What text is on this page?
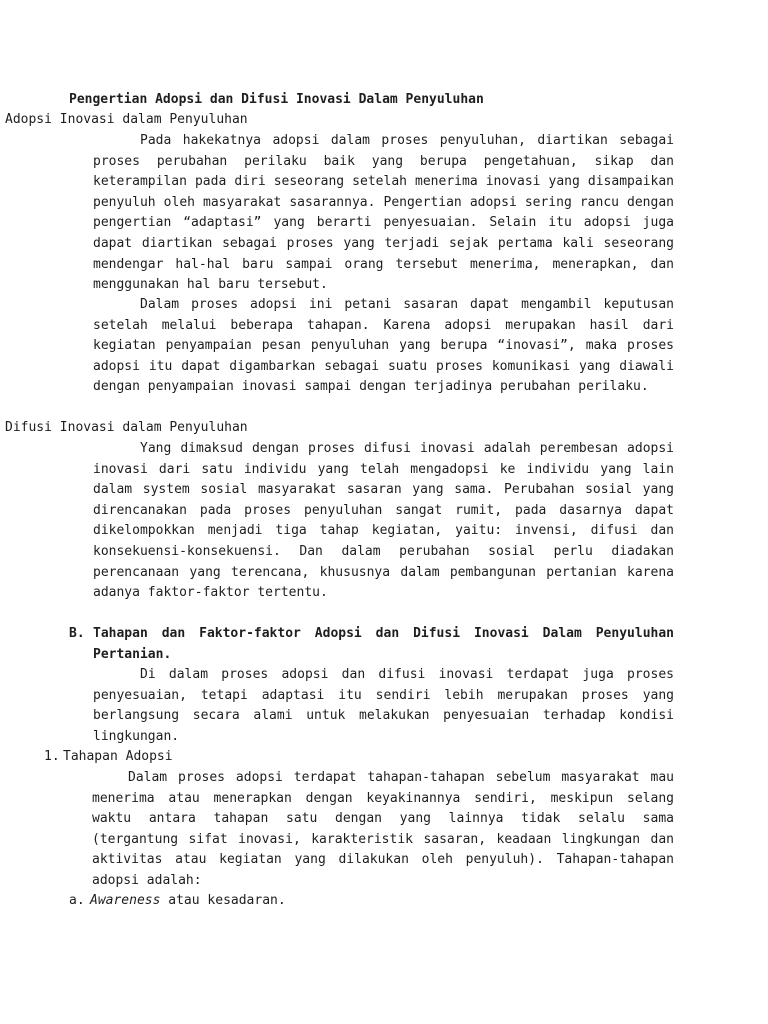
Pengertian Adopsi dan Difusi Inovasi Dalam Penyuluhan
Adopsi Inovasi dalam Penyuluhan
Pada hakekatnya adopsi dalam proses penyuluhan, diartikan sebagai proses perubahan perilaku baik yang berupa pengetahuan, sikap dan keterampilan pada diri seseorang setelah menerima inovasi yang disampaikan penyuluh oleh masyarakat sasarannya. Pengertian adopsi sering rancu dengan pengertian “adaptasi” yang berarti penyesuaian. Selain itu adopsi juga dapat diartikan sebagai proses yang terjadi sejak pertama kali seseorang mendengar hal-hal baru sampai orang tersebut menerima, menerapkan, dan menggunakan hal baru tersebut.
Dalam proses adopsi ini petani sasaran dapat mengambil keputusan setelah melalui beberapa tahapan. Karena adopsi merupakan hasil dari kegiatan penyampaian pesan penyuluhan yang berupa “inovasi”, maka proses adopsi itu dapat digambarkan sebagai suatu proses komunikasi yang diawali dengan penyampaian inovasi sampai dengan terjadinya perubahan perilaku.
Difusi Inovasi dalam Penyuluhan
Yang dimaksud dengan proses difusi inovasi adalah perembesan adopsi inovasi dari satu individu yang telah mengadopsi ke individu yang lain dalam system sosial masyarakat sasaran yang sama. Perubahan sosial yang direncanakan pada proses penyuluhan sangat rumit, pada dasarnya dapat dikelompokkan menjadi tiga tahap kegiatan, yaitu: invensi, difusi dan konsekuensi-konsekuensi. Dan dalam perubahan sosial perlu diadakan perencanaan yang terencana, khususnya dalam pembangunan pertanian karena adanya faktor-faktor tertentu.
B. Tahapan dan Faktor-faktor Adopsi dan Difusi Inovasi Dalam Penyuluhan Pertanian.
Di dalam proses adopsi dan difusi inovasi terdapat juga proses penyesuaian, tetapi adaptasi itu sendiri lebih merupakan proses yang berlangsung secara alami untuk melakukan penyesuaian terhadap kondisi lingkungan.
1. Tahapan Adopsi
Dalam proses adopsi terdapat tahapan-tahapan sebelum masyarakat mau menerima atau menerapkan dengan keyakinannya sendiri, meskipun selang waktu antara tahapan satu dengan yang lainnya tidak selalu sama (tergantung sifat inovasi, karakteristik sasaran, keadaan lingkungan dan aktivitas atau kegiatan yang dilakukan oleh penyuluh). Tahapan-tahapan adopsi adalah:
a. Awareness atau kesadaran.
